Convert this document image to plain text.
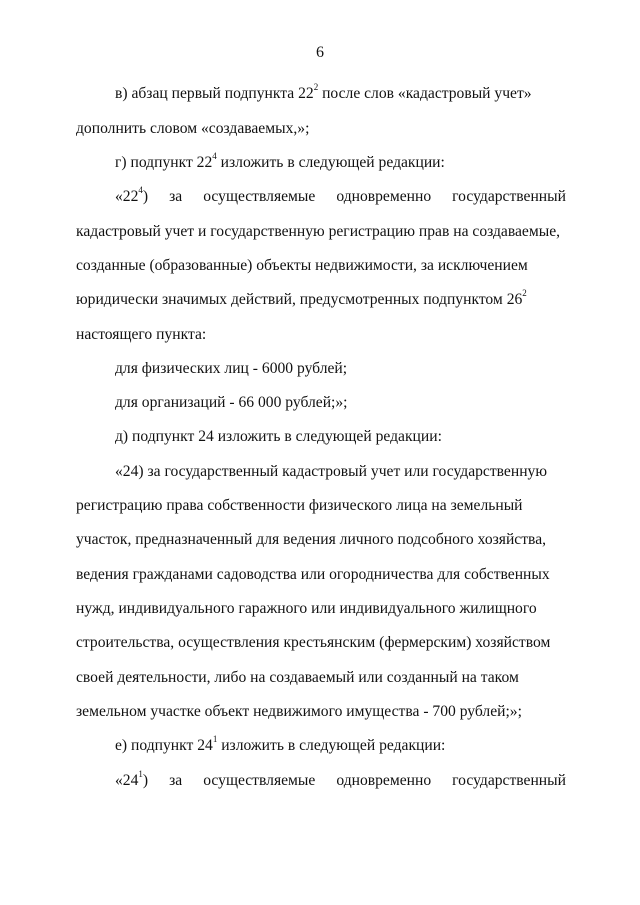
6
в) абзац первый подпункта $22^2$ после слов «кадастровый учет»
дополнить словом «создаваемых,»;
г) подпункт $22^4$ изложить в следующей редакции:
«$22^4$) за осуществляемые одновременно государственный
кадастровый учет и государственную регистрацию прав на создаваемые,
созданные (образованные) объекты недвижимости, за исключением
юридически значимых действий, предусмотренных подпунктом $26^2$
настоящего пункта:
для физических лиц - 6000 рублей;
для организаций - 66 000 рублей;»;
д) подпункт 24 изложить в следующей редакции:
«24) за государственный кадастровый учет или государственную
регистрацию права собственности физического лица на земельный
участок, предназначенный для ведения личного подсобного хозяйства,
ведения гражданами садоводства или огородничества для собственных
нужд, индивидуального гаражного или индивидуального жилищного
строительства, осуществления крестьянским (фермерским) хозяйством
своей деятельности, либо на создаваемый или созданный на таком
земельном участке объект недвижимого имущества - 700 рублей;»;
е) подпункт $24^1$ изложить в следующей редакции:
«$24^1$) за осуществляемые одновременно государственный
